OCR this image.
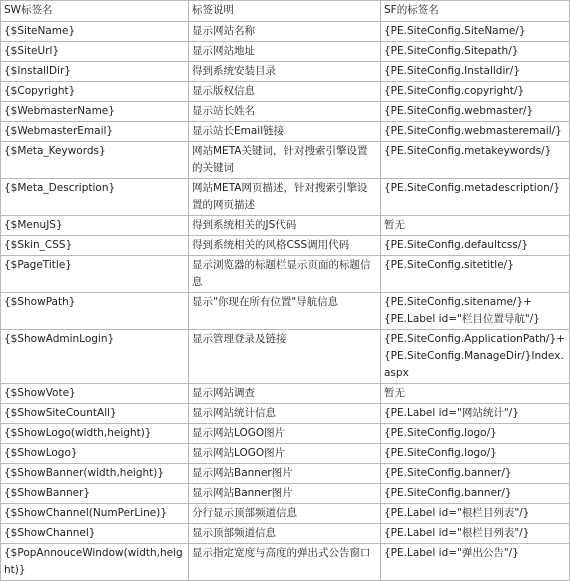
SW标签名	标签说明	SF的标签名
{$SiteName}	显示网站名称	{PE.SiteConfig.SiteName/}
{$SiteUrl}	显示网站地址	{PE.SiteConfig.Sitepath/}
{$InstallDir}	得到系统安装目录	{PE.SiteConfig.Installdir/}
{$Copyright}	显示版权信息	{PE.SiteConfig.copyright/}
{$WebmasterName}	显示站长姓名	{PE.SiteConfig.webmaster/}
{$WebmasterEmail}	显示站长Email链接	{PE.SiteConfig.webmasteremail/}
{$Meta_Keywords}	网站META关键词，针对搜索引擎设置的关键词	{PE.SiteConfig.metakeywords/}
{$Meta_Description}	网站META网页描述，针对搜索引擎设置的网页描述	{PE.SiteConfig.metadescription/}
{$MenuJS}	得到系统相关的JS代码	暂无
{$Skin_CSS}	得到系统相关的风格CSS调用代码	{PE.SiteConfig.defaultcss/}
{$PageTitle}	显示浏览器的标题栏显示页面的标题信息	{PE.SiteConfig.sitetitle/}
{$ShowPath}	显示"你现在所有位置"导航信息	{PE.SiteConfig.sitename/}+{PE.Label id="栏目位置导航"/}
{$ShowAdminLogin}	显示管理登录及链接	{PE.SiteConfig.ApplicationPath/}+{PE.SiteConfig.ManageDir/}Index.aspx
{$ShowVote}	显示网站调查	暂无
{$ShowSiteCountAll}	显示网站统计信息	{PE.Label id="网站统计"/}
{$ShowLogo(width,height)}	显示网站LOGO图片	{PE.SiteConfig.logo/}
{$ShowLogo}	显示网站LOGO图片	{PE.SiteConfig.logo/}
{$ShowBanner(width,height)}	显示网站Banner图片	{PE.SiteConfig.banner/}
{$ShowBanner}	显示网站Banner图片	{PE.SiteConfig.banner/}
{$ShowChannel(NumPerLine)}	分行显示顶部频道信息	{PE.Label id="根栏目列表"/}
{$ShowChannel}	显示顶部频道信息	{PE.Label id="根栏目列表"/}
{$PopAnnouceWindow(width,height)}	显示指定宽度与高度的弹出式公告窗口	{PE.Label id="弹出公告"/}
